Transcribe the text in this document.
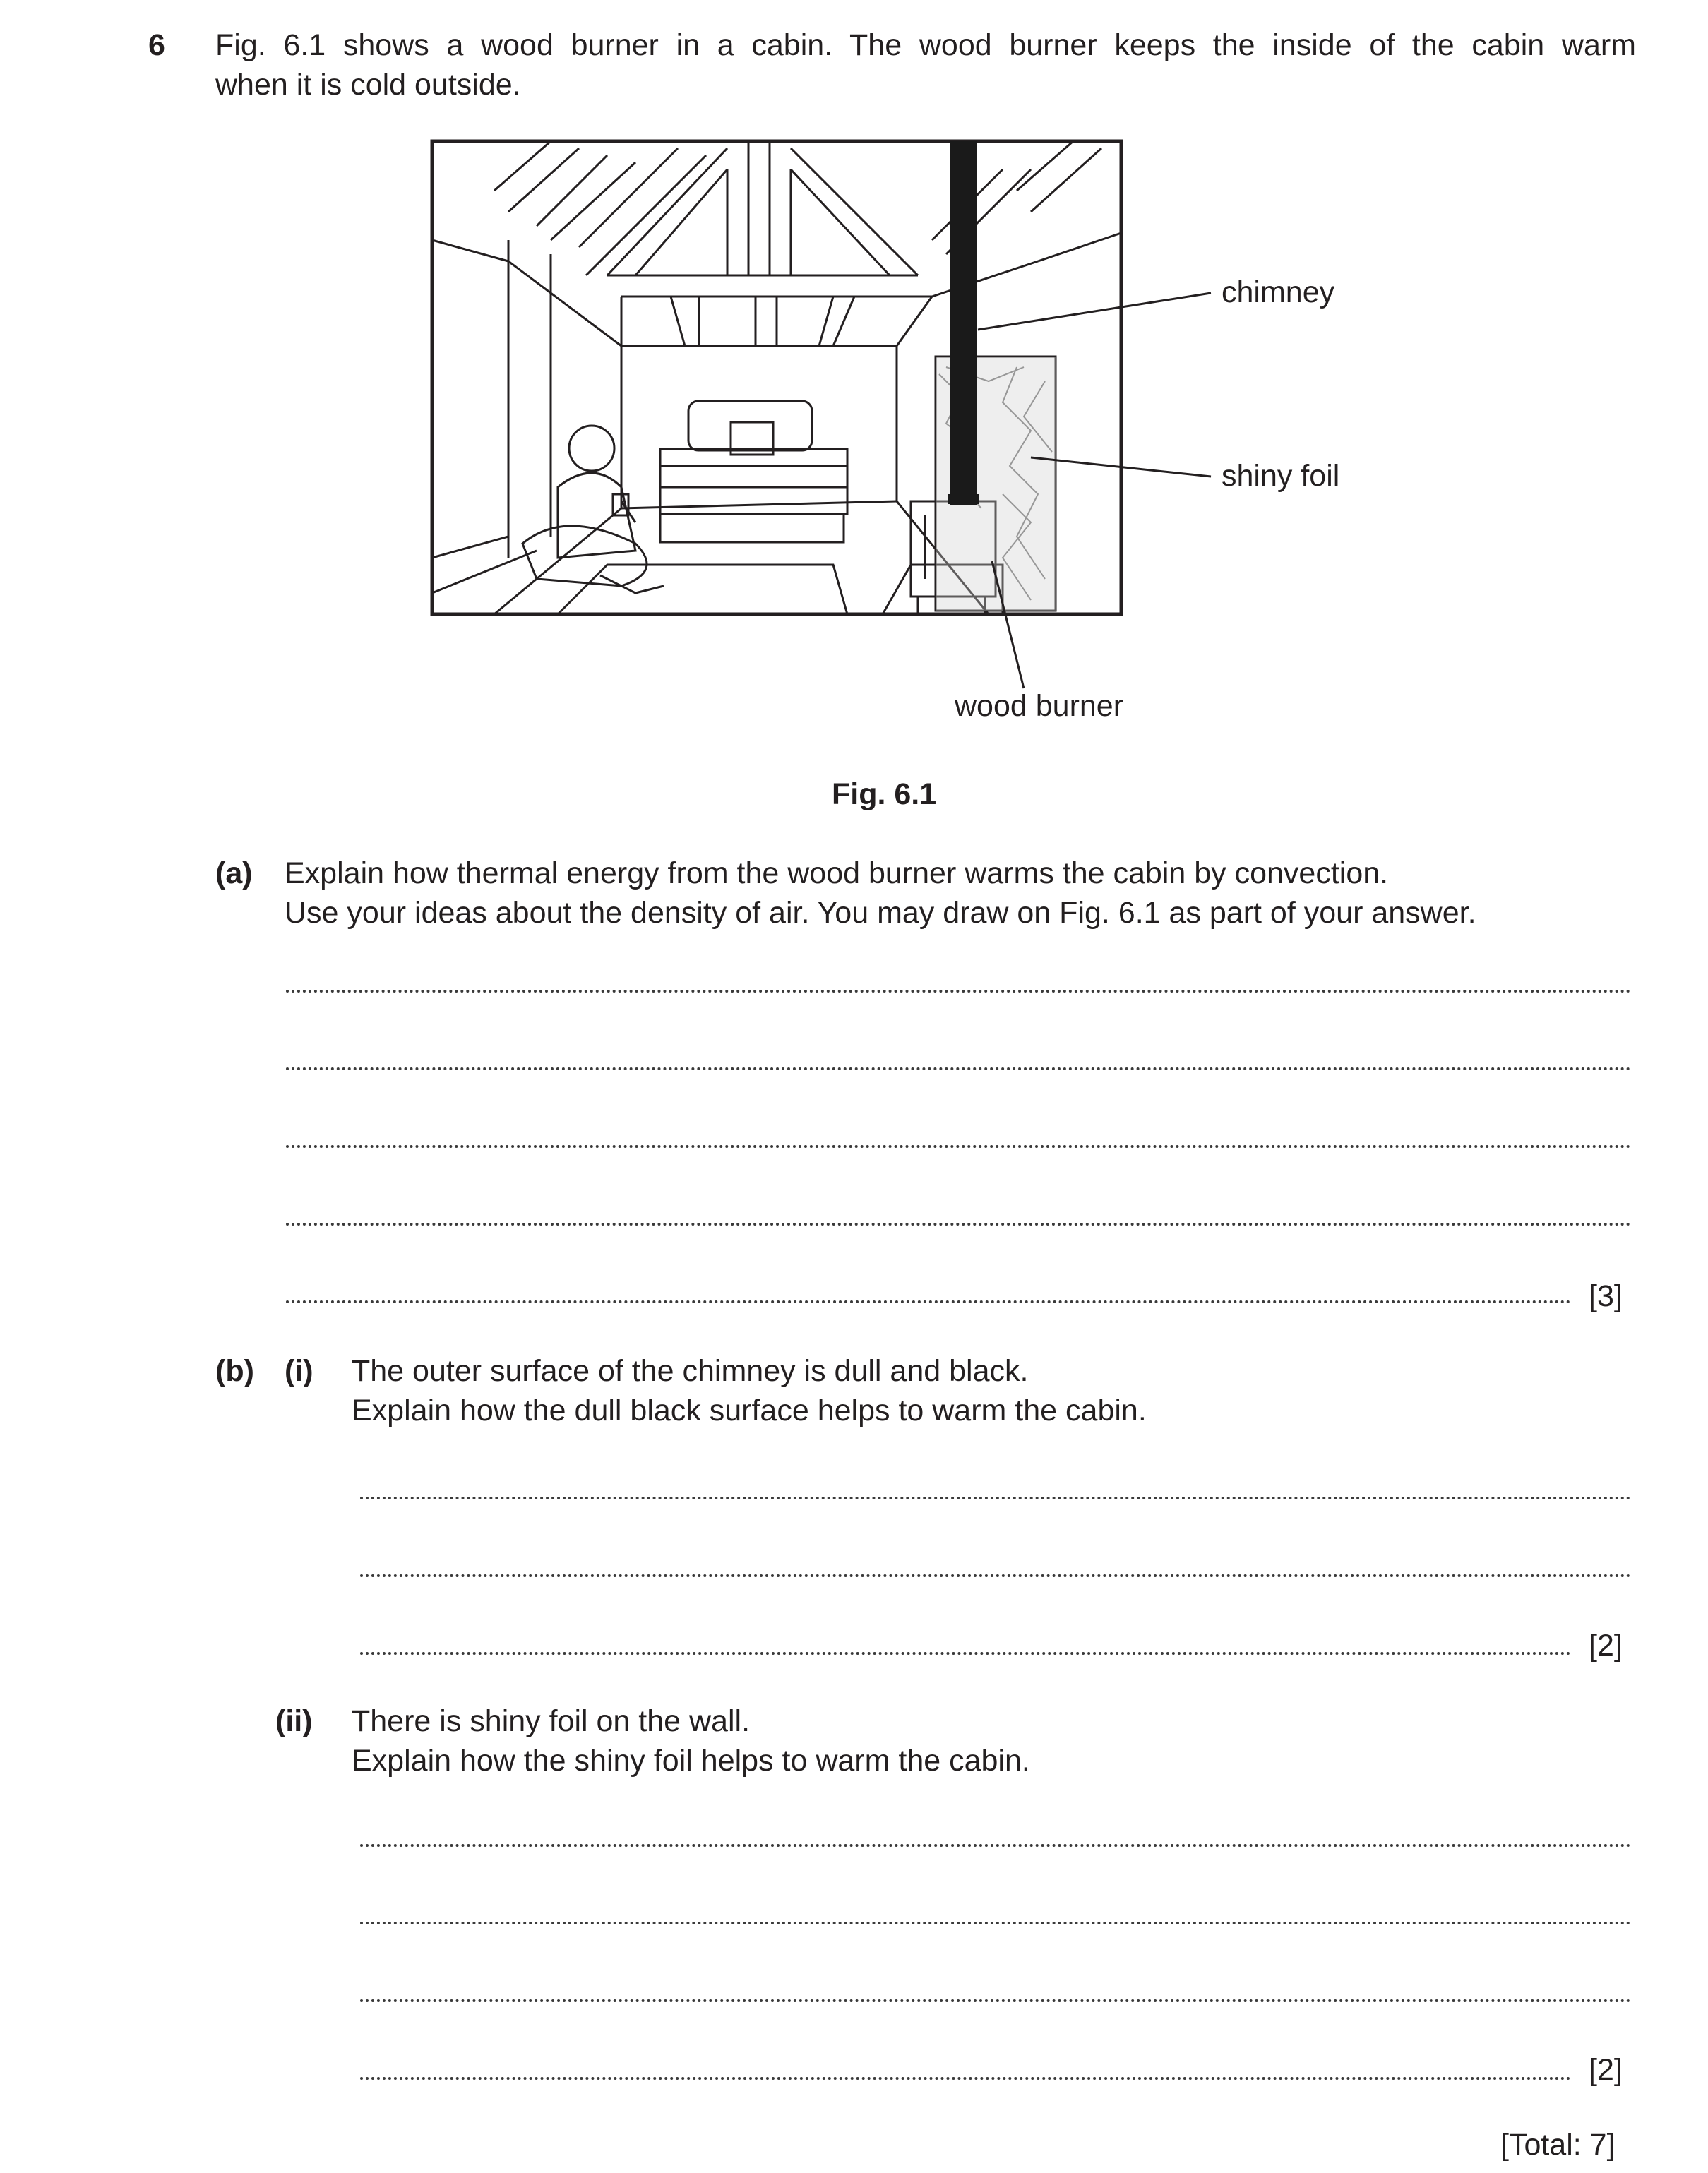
6 Fig. 6.1 shows a wood burner in a cabin. The wood burner keeps the inside of the cabin warm
when it is cold outside.
chimney
shiny foil
wood burner
Fig. 6.1
(a) Explain how thermal energy from the wood burner warms the cabin by convection.
Use your ideas about the density of air. You may draw on Fig. 6.1 as part of your answer.
[3]
(b) (i) The outer surface of the chimney is dull and black.
Explain how the dull black surface helps to warm the cabin.
[2]
(ii) There is shiny foil on the wall.
Explain how the shiny foil helps to warm the cabin.
[2]
[Total: 7]
